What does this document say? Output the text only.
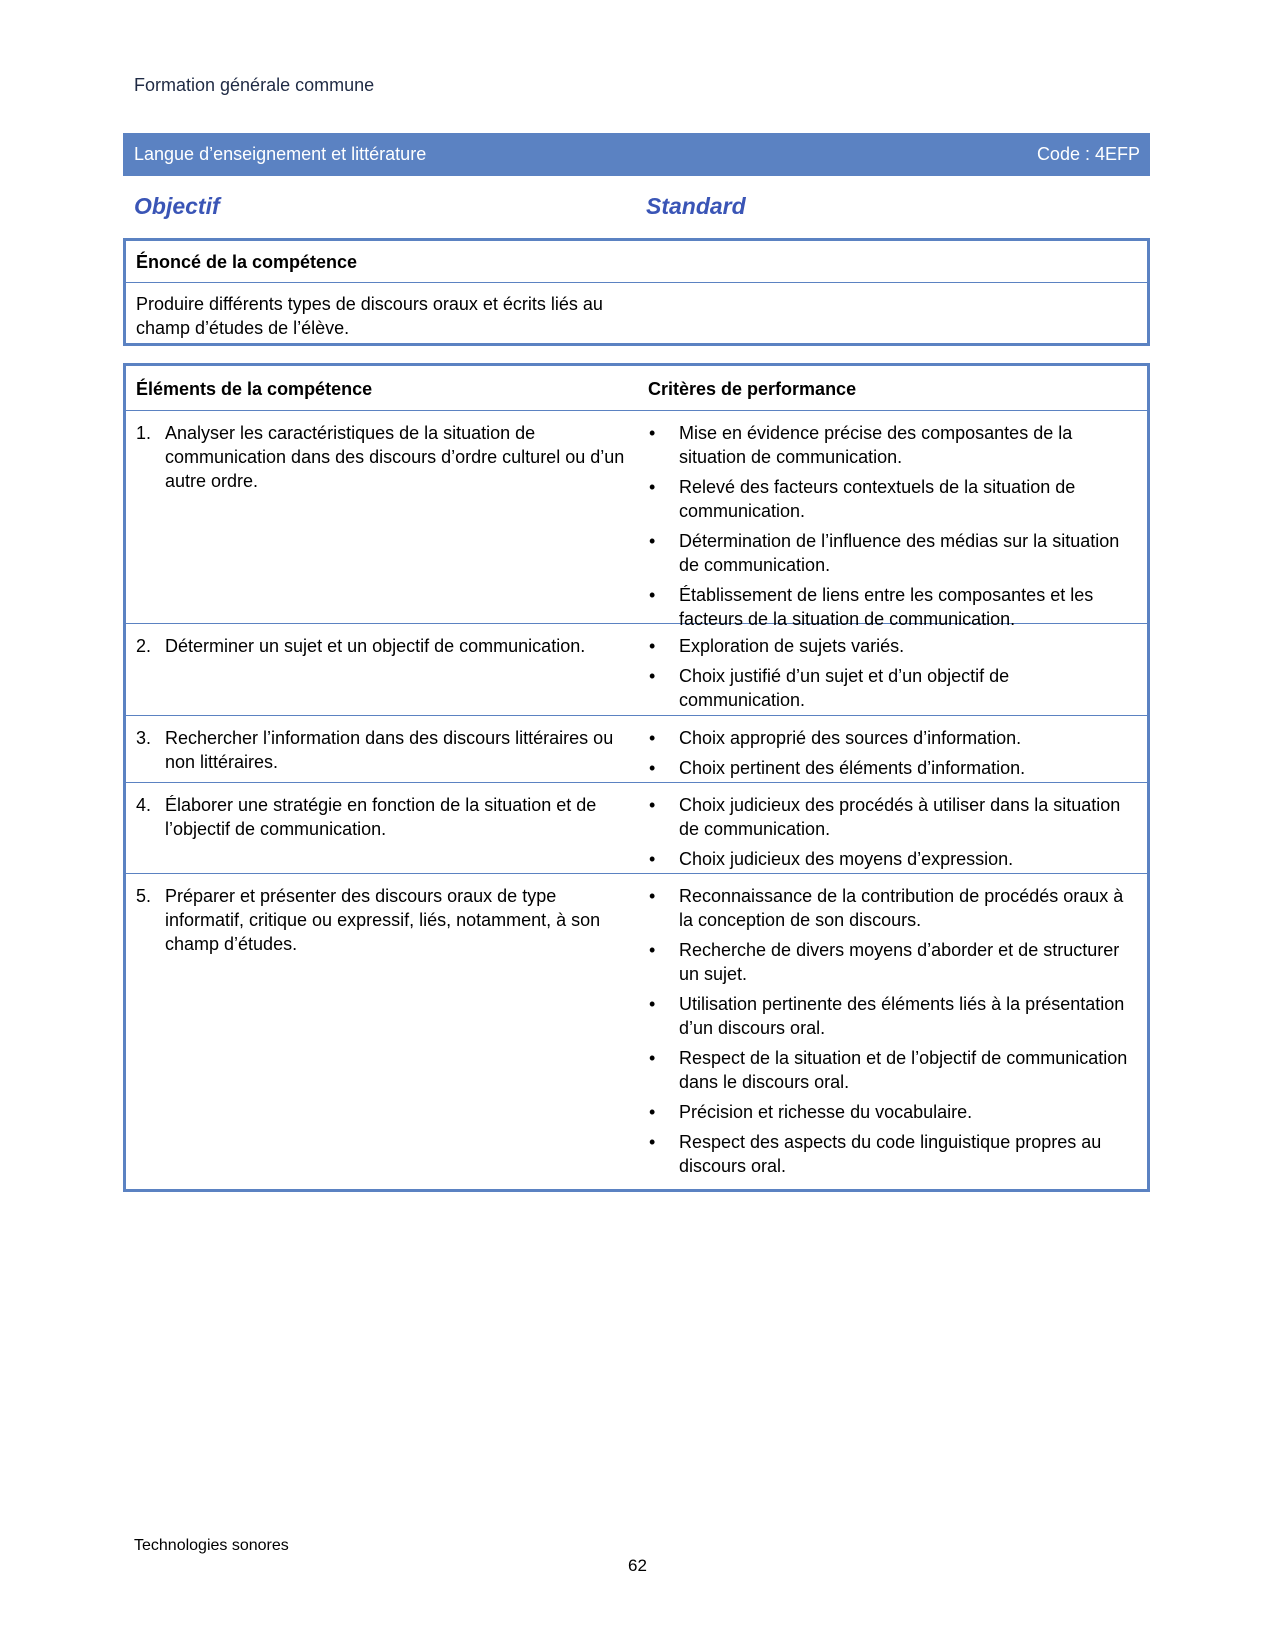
Formation générale commune
Langue d’enseignement et littérature	Code : 4EFP
Objectif	Standard
Énoncé de la compétence
Produire différents types de discours oraux et écrits liés au champ d’études de l’élève.
Éléments de la compétence	Critères de performance
1. Analyser les caractéristiques de la situation de communication dans des discours d’ordre culturel ou d’un autre ordre.
•	Mise en évidence précise des composantes de la situation de communication.
•	Relevé des facteurs contextuels de la situation de communication.
•	Détermination de l’influence des médias sur la situation de communication.
•	Établissement de liens entre les composantes et les facteurs de la situation de communication.
2. Déterminer un sujet et un objectif de communication.	•	Exploration de sujets variés.
•	Choix justifié d’un sujet et d’un objectif de communication.
3. Rechercher l’information dans des discours littéraires ou non littéraires.
•	Choix approprié des sources d’information.
•	Choix pertinent des éléments d’information.
4. Élaborer une stratégie en fonction de la situation et de l’objectif de communication.
•	Choix judicieux des procédés à utiliser dans la situation de communication.
•	Choix judicieux des moyens d’expression.
5. Préparer et présenter des discours oraux de type informatif, critique ou expressif, liés, notamment, à son champ d’études.
•	Reconnaissance de la contribution de procédés oraux à la conception de son discours.
•	Recherche de divers moyens d’aborder et de structurer un sujet.
•	Utilisation pertinente des éléments liés à la présentation d’un discours oral.
•	Respect de la situation et de l’objectif de communication dans le discours oral.
•	Précision et richesse du vocabulaire.
•	Respect des aspects du code linguistique propres au discours oral.
Technologies sonores
62
